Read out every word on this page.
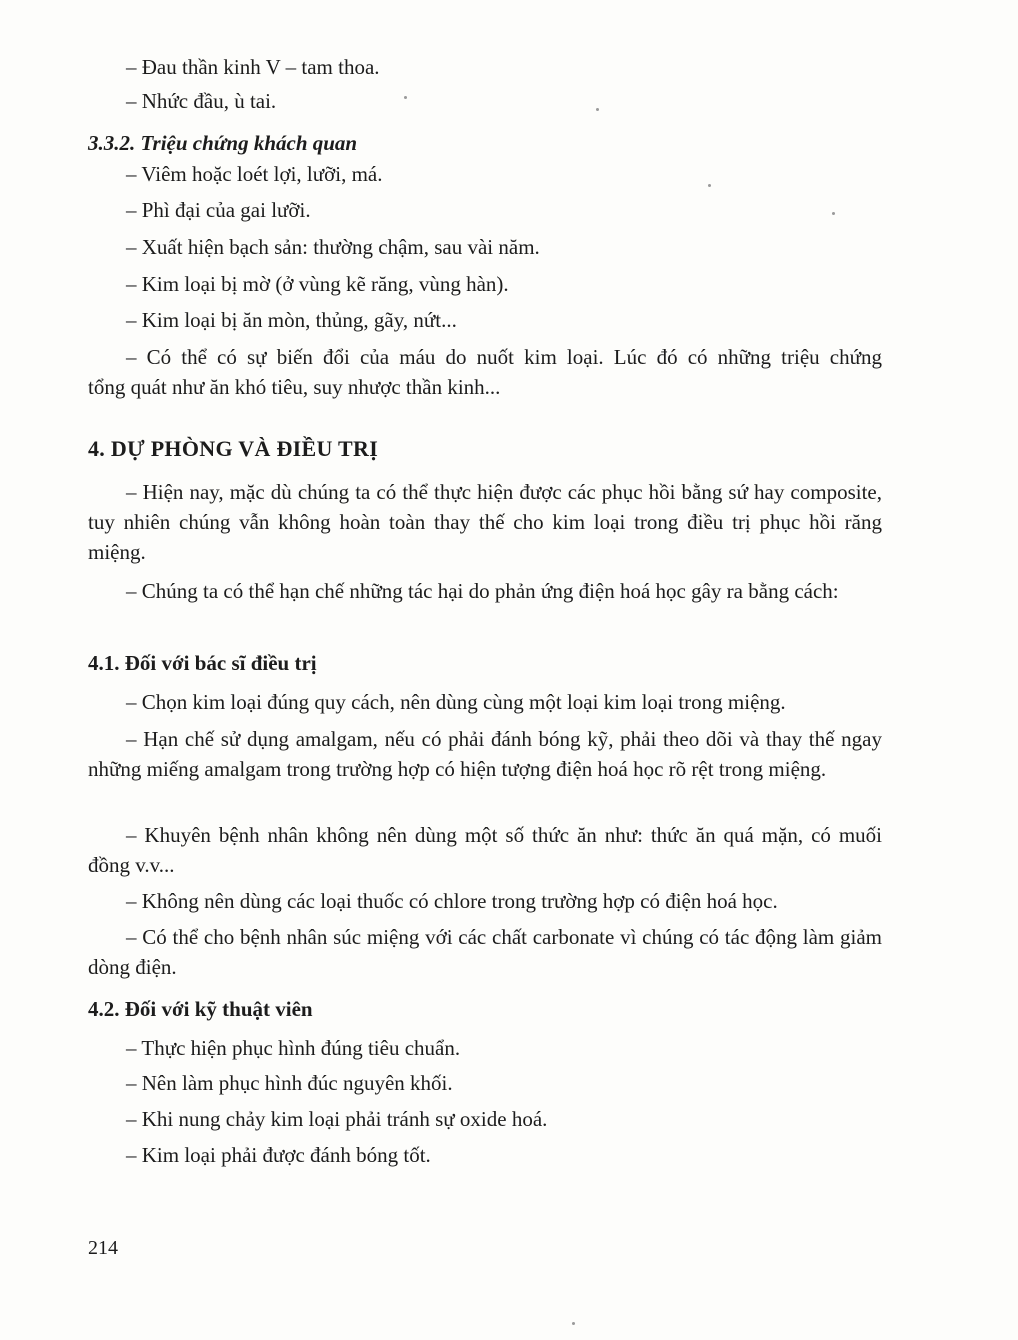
– Đau thần kinh V – tam thoa.

– Nhức đầu, ù tai.

3.3.2. Triệu chứng khách quan

– Viêm hoặc loét lợi, lưỡi, má.

– Phì đại của gai lưỡi.

– Xuất hiện bạch sản: thường chậm, sau vài năm.

– Kim loại bị mờ (ở vùng kẽ răng, vùng hàn).

– Kim loại bị ăn mòn, thủng, gãy, nứt...

– Có thể có sự biến đổi của máu do nuốt kim loại. Lúc đó có những triệu chứng

tổng quát như ăn khó tiêu, suy nhược thần kinh...

4. DỰ PHÒNG VÀ ĐIỀU TRỊ

– Hiện nay, mặc dù chúng ta có thể thực hiện được các phục hồi bằng sứ hay composite, tuy nhiên chúng vẫn không hoàn toàn thay thế cho kim loại trong điều trị phục hồi răng miệng.

– Chúng ta có thể hạn chế những tác hại do phản ứng điện hoá học gây ra bằng cách:

4.1. Đối với bác sĩ điều trị

– Chọn kim loại đúng quy cách, nên dùng cùng một loại kim loại trong miệng.

– Hạn chế sử dụng amalgam, nếu có phải đánh bóng kỹ, phải theo dõi và thay thế ngay những miếng amalgam trong trường hợp có hiện tượng điện hoá học rõ rệt trong miệng.

– Khuyên bệnh nhân không nên dùng một số thức ăn như: thức ăn quá mặn, có muối đồng v.v...

– Không nên dùng các loại thuốc có chlore trong trường hợp có điện hoá học.

– Có thể cho bệnh nhân súc miệng với các chất carbonate vì chúng có tác động làm giảm dòng điện.

4.2. Đối với kỹ thuật viên

– Thực hiện phục hình đúng tiêu chuẩn.

– Nên làm phục hình đúc nguyên khối.

– Khi nung chảy kim loại phải tránh sự oxide hoá.

– Kim loại phải được đánh bóng tốt.

214
